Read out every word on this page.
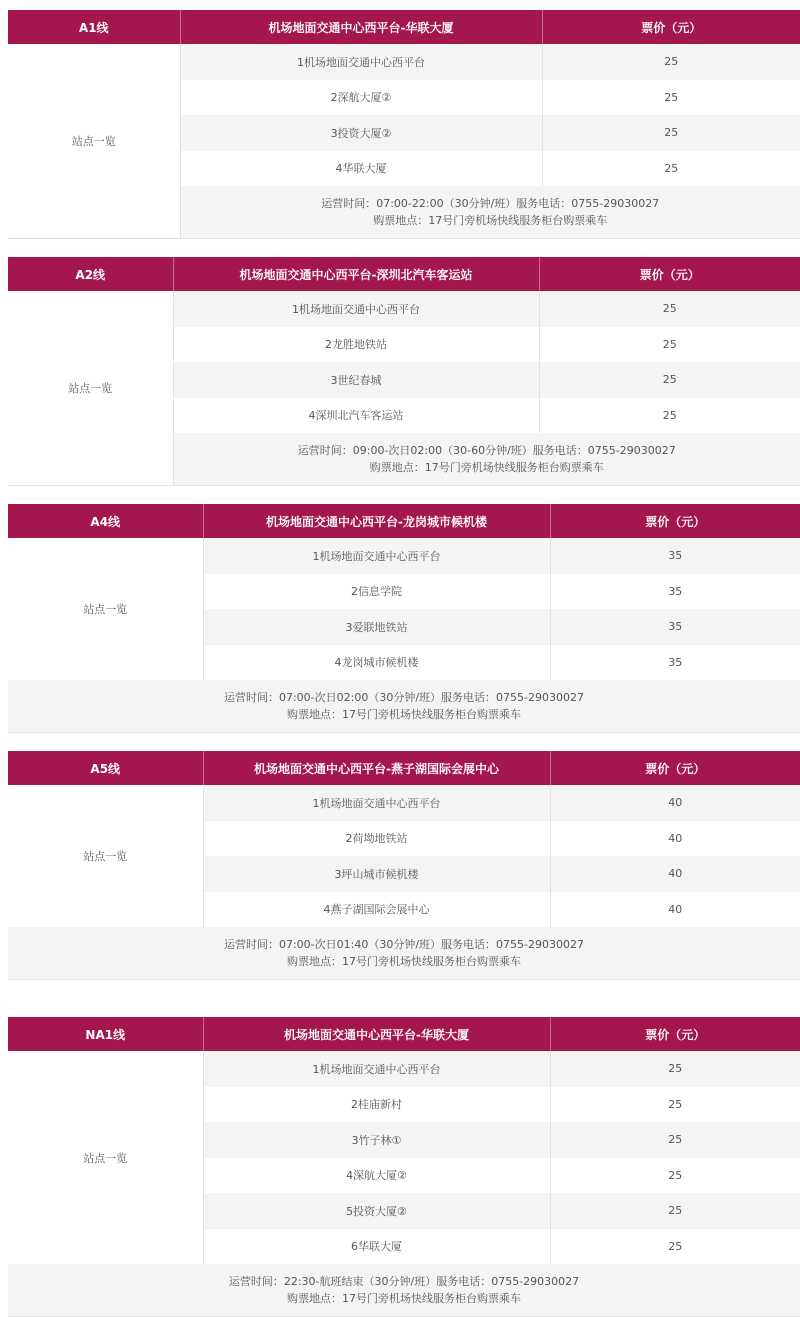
A1线	机场地面交通中心西平台-华联大厦	票价（元）
站点一览	1机场地面交通中心西平台	25
	2深航大厦②	25
	3投资大厦②	25
	4华联大厦	25

	运营时间：07:00-22:00（30分钟/班）服务电话：0755-29030027
购票地点：17号门旁机场快线服务柜台购票乘车	
A2线	机场地面交通中心西平台-深圳北汽车客运站	票价（元）
站点一览	1机场地面交通中心西平台	25
	2龙胜地铁站	25
	3世纪春城	25
	4深圳北汽车客运站	25

	运营时间：09:00-次日02:00（30-60分钟/班）服务电话：0755-29030027
购票地点：17号门旁机场快线服务柜台购票乘车	
A4线	机场地面交通中心西平台-龙岗城市候机楼	票价（元）
站点一览	1机场地面交通中心西平台	35
	2信息学院	35
	3爱联地铁站	35
	4龙岗城市候机楼	35

运营时间：07:00-次日02:00（30分钟/班）服务电话：0755-29030027
购票地点：17号门旁机场快线服务柜台购票乘车		
A5线	机场地面交通中心西平台-燕子湖国际会展中心	票价（元）
站点一览	1机场地面交通中心西平台	40
	2荷坳地铁站	40
	3坪山城市候机楼	40
	4燕子湖国际会展中心	40

运营时间：07:00-次日01:40（30分钟/班）服务电话：0755-29030027
购票地点：17号门旁机场快线服务柜台购票乘车		
NA1线	机场地面交通中心西平台-华联大厦	票价（元）
站点一览	1机场地面交通中心西平台	25
	2桂庙新村	25
	3竹子林①	25
	4深航大厦②	25
	5投资大厦②	25
	6华联大厦	25

运营时间：22:30-航班结束（30分钟/班）服务电话：0755-29030027
购票地点：17号门旁机场快线服务柜台购票乘车		
